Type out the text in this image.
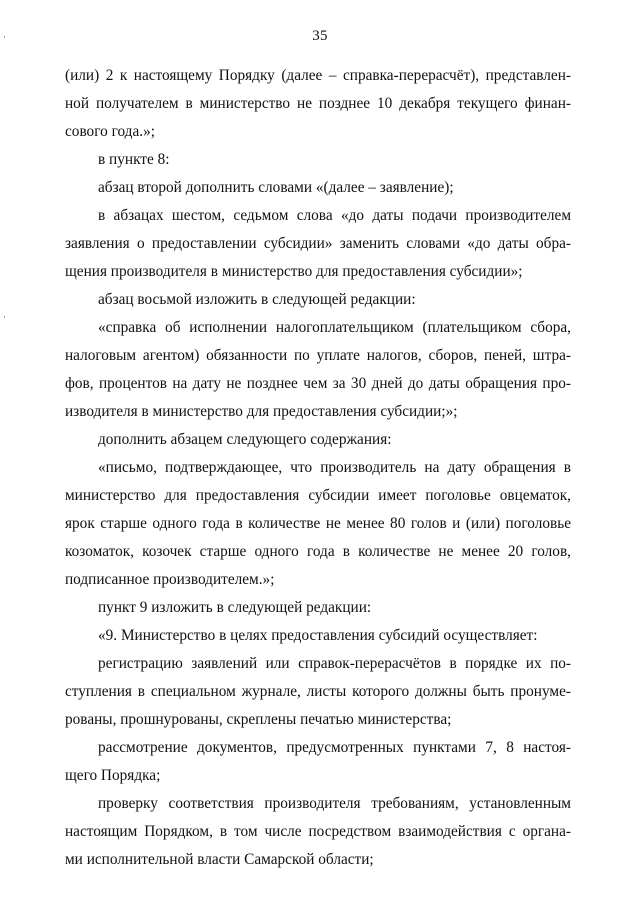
35
(или) 2 к настоящему Порядку (далее – справка-перерасчёт), представлен-
ной получателем в министерство не позднее 10 декабря текущего финан-
сового года.»;
в пункте 8:
абзац второй дополнить словами «(далее – заявление);
в абзацах шестом, седьмом слова «до даты подачи производителем
заявления о предоставлении субсидии» заменить словами «до даты обра-
щения производителя в министерство для предоставления субсидии»;
абзац восьмой изложить в следующей редакции:
«справка об исполнении налогоплательщиком (плательщиком сбора,
налоговым агентом) обязанности по уплате налогов, сборов, пеней, штра-
фов, процентов на дату не позднее чем за 30 дней до даты обращения про-
изводителя в министерство для предоставления субсидии;»;
дополнить абзацем следующего содержания:
«письмо, подтверждающее, что производитель на дату обращения в
министерство для предоставления субсидии имеет поголовье овцематок,
ярок старше одного года в количестве не менее 80 голов и (или) поголовье
козоматок, козочек старше одного года в количестве не менее 20 голов,
подписанное производителем.»;
пункт 9 изложить в следующей редакции:
«9. Министерство в целях предоставления субсидий осуществляет:
регистрацию заявлений или справок-перерасчётов в порядке их по-
ступления в специальном журнале, листы которого должны быть пронуме-
рованы, прошнурованы, скреплены печатью министерства;
рассмотрение документов, предусмотренных пунктами 7, 8 настоя-
щего Порядка;
проверку соответствия производителя требованиям, установленным
настоящим Порядком, в том числе посредством взаимодействия с органа-
ми исполнительной власти Самарской области;
